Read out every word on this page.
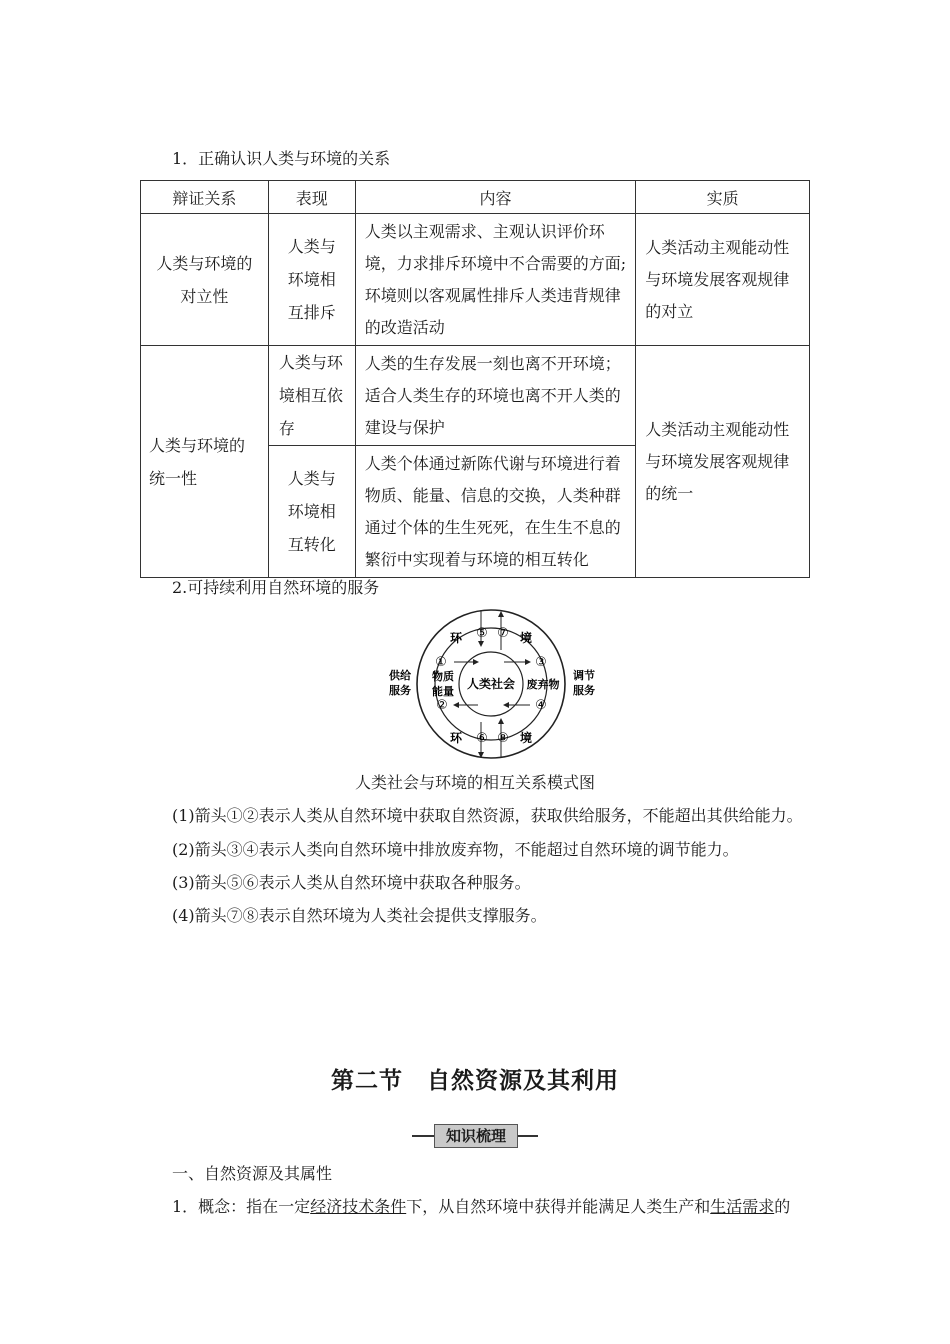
1．正确认识人类与环境的关系
辩证关系	表现	内容	实质
人类与环境的对立性	人类与环境相互排斥	人类以主观需求、主观认识评价环境，力求排斥环境中不合需要的方面;环境则以客观属性排斥人类违背规律的改造活动	人类活动主观能动性与环境发展客观规律的对立
人类与环境的统一性	人类与环境相互依存	人类的生存发展一刻也离不开环境；适合人类生存的环境也离不开人类的建设与保护	人类活动主观能动性与环境发展客观规律的统一
	人类与环境相互转化	人类个体通过新陈代谢与环境进行着物质、能量、信息的交换，人类种群通过个体的生生死死，在生生不息的繁衍中实现着与环境的相互转化	
2.可持续利用自然环境的服务
环 ⑤ ⑦ 境
①
②
③
④
环 ⑥ ⑧ 境
人类社会
物质
能量
废弃物
供给
服务
调节
服务
人类社会与环境的相互关系模式图
(1)箭头①②表示人类从自然环境中获取自然资源，获取供给服务，不能超出其供给能力。
(2)箭头③④表示人类向自然环境中排放废弃物，不能超过自然环境的调节能力。
(3)箭头⑤⑥表示人类从自然环境中获取各种服务。
(4)箭头⑦⑧表示自然环境为人类社会提供支撑服务。
第二节　自然资源及其利用
知识梳理
一、自然资源及其属性
1．概念：指在一定经济技术条件下，从自然环境中获得并能满足人类生产和生活需求的
